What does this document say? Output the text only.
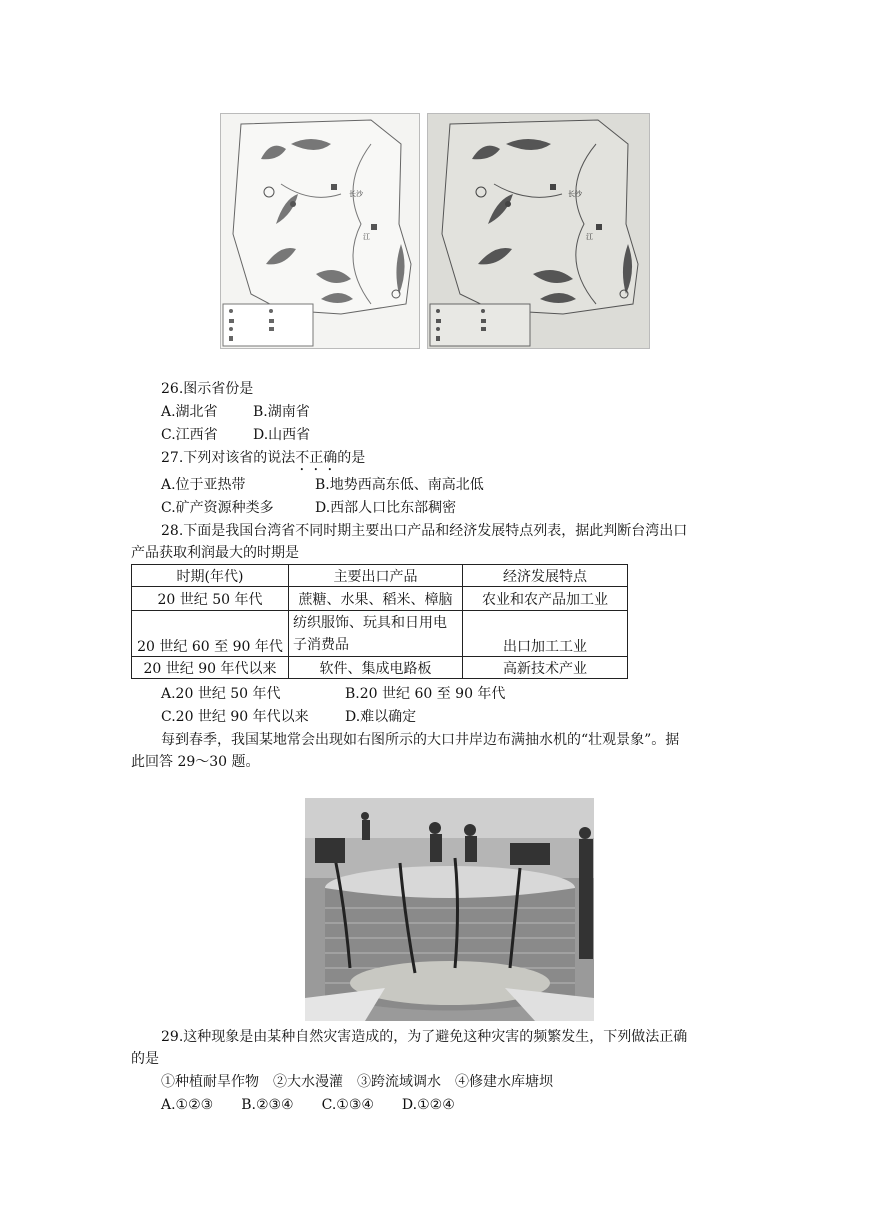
长沙
江
长沙
江
26.图示省份是
A.湖北省	B.湖南省
C.江西省	D.山西省
27.下列对该省的说法不正确的是
A.位于亚热带	B.地势西高东低、南高北低
C.矿产资源种类多	D.西部人口比东部稠密
28.下面是我国台湾省不同时期主要出口产品和经济发展特点列表，据此判断台湾出口
产品获取利润最大的时期是
时期(年代)	主要出口产品	经济发展特点
20 世纪 50 年代	蔗糖、水果、稻米、樟脑	农业和农产品加工业
20 世纪 60 至 90 年代	纺织服饰、玩具和日用电子消费品	出口加工工业
20 世纪 90 年代以来	软件、集成电路板	高新技术产业
A.20 世纪 50 年代	B.20 世纪 60 至 90 年代
C.20 世纪 90 年代以来	D.难以确定
每到春季，我国某地常会出现如右图所示的大口井岸边布满抽水机的“壮观景象”。据
此回答 29～30 题。
29.这种现象是由某种自然灾害造成的，为了避免这种灾害的频繁发生，下列做法正确
的是
①种植耐旱作物　②大水漫灌　③跨流域调水　④修建水库塘坝
A.①②③　　B.②③④　　C.①③④　　D.①②④
